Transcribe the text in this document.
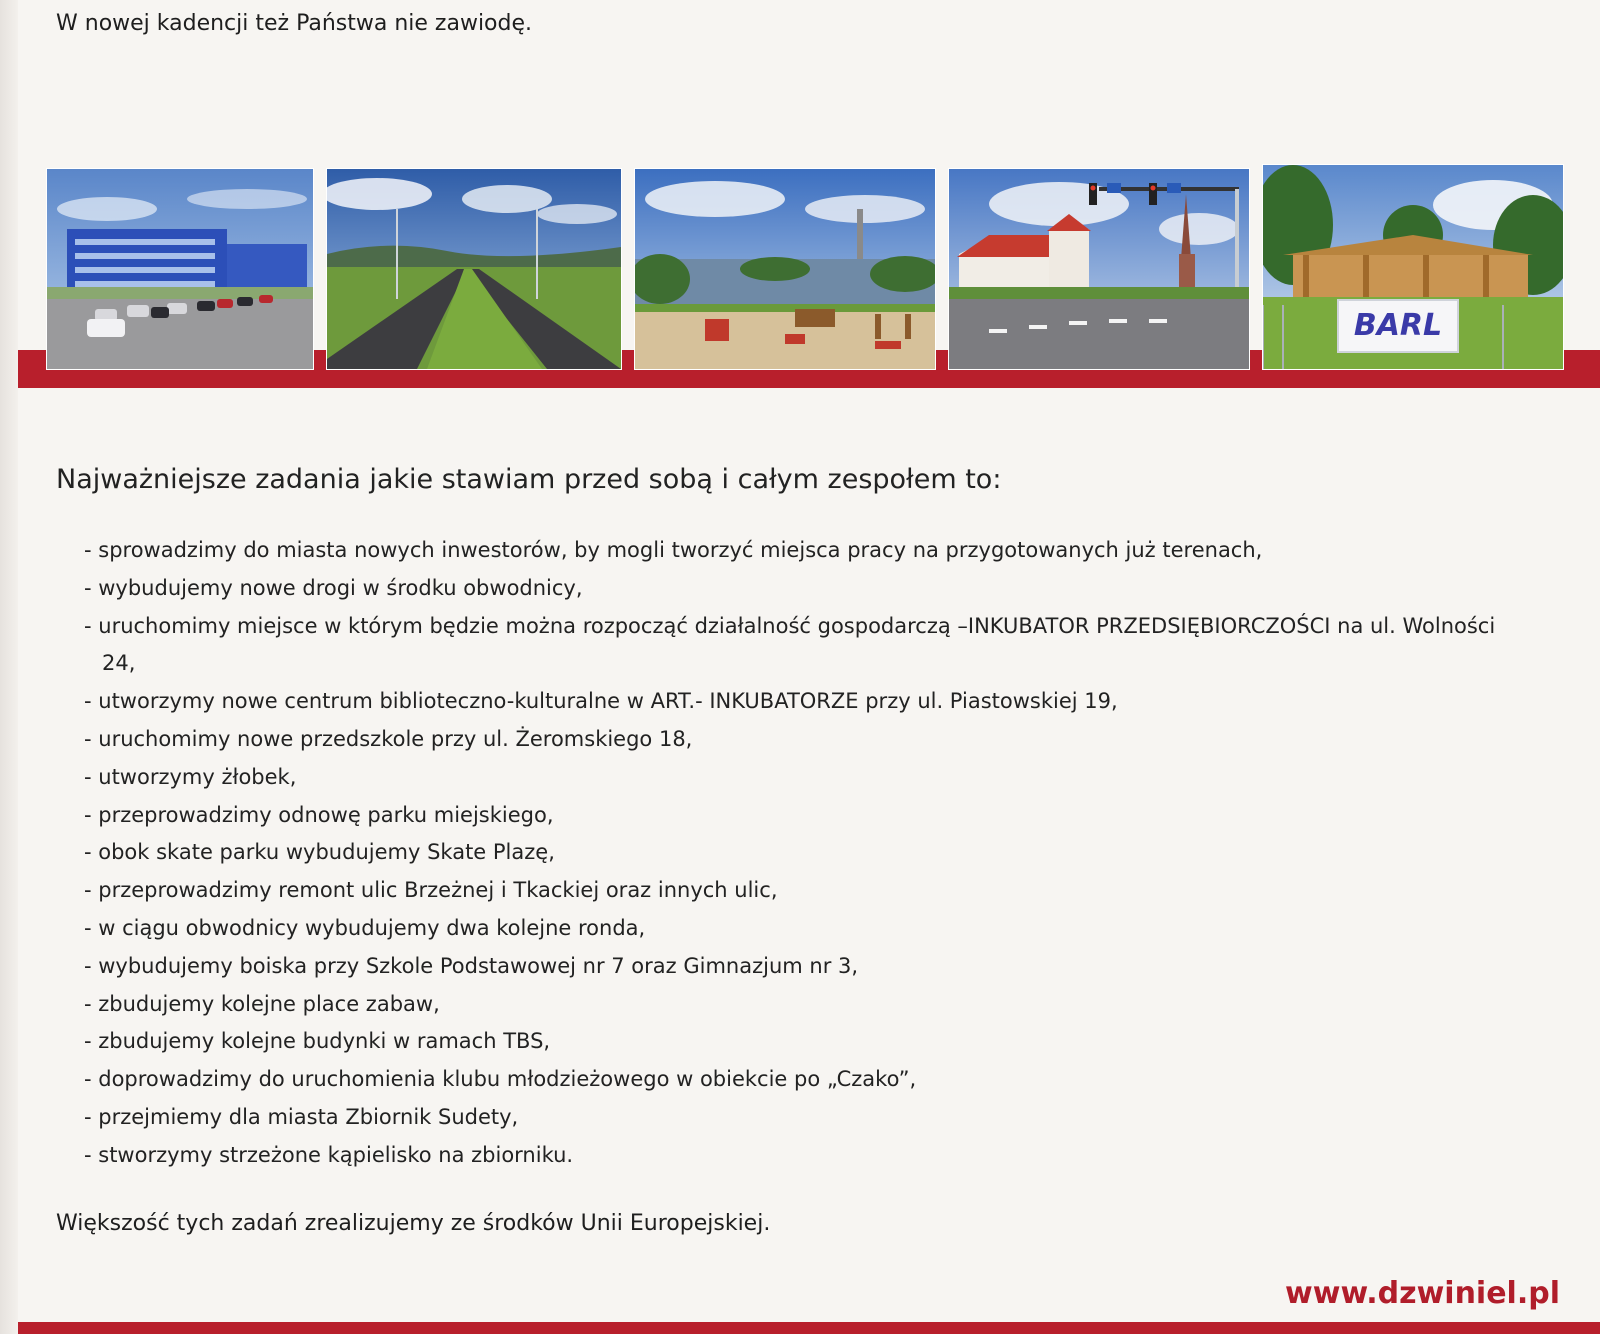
W nowej kadencji też Państwa nie zawiodę.

BARL
Najważniejsze zadania jakie stawiam przed sobą i całym zespołem to:
- sprowadzimy do miasta nowych inwestorów, by mogli tworzyć miejsca pracy na przygotowanych już terenach,
- wybudujemy nowe drogi w środku obwodnicy,
- uruchomimy miejsce w którym będzie można rozpocząć działalność gospodarczą –INKUBATOR PRZEDSIĘBIORCZOŚCI na ul. Wolności 24,
- utworzymy nowe centrum biblioteczno-kulturalne w ART.- INKUBATORZE przy ul. Piastowskiej 19,
- uruchomimy nowe przedszkole przy ul. Żeromskiego 18,
- utworzymy żłobek,
- przeprowadzimy odnowę parku miejskiego,
- obok skate parku wybudujemy Skate Plazę,
- przeprowadzimy remont ulic Brzeżnej i Tkackiej oraz innych ulic,
- w ciągu obwodnicy wybudujemy dwa kolejne ronda,
- wybudujemy boiska przy Szkole Podstawowej nr 7 oraz Gimnazjum nr 3,
- zbudujemy kolejne place zabaw,
- zbudujemy kolejne budynki w ramach TBS,
- doprowadzimy do uruchomienia klubu młodzieżowego w obiekcie po „Czako”,
- przejmiemy dla miasta Zbiornik Sudety,
- stworzymy strzeżone kąpielisko na zbiorniku.

Większość tych zadań zrealizujemy ze środków Unii Europejskiej.

www.dzwiniel.pl
